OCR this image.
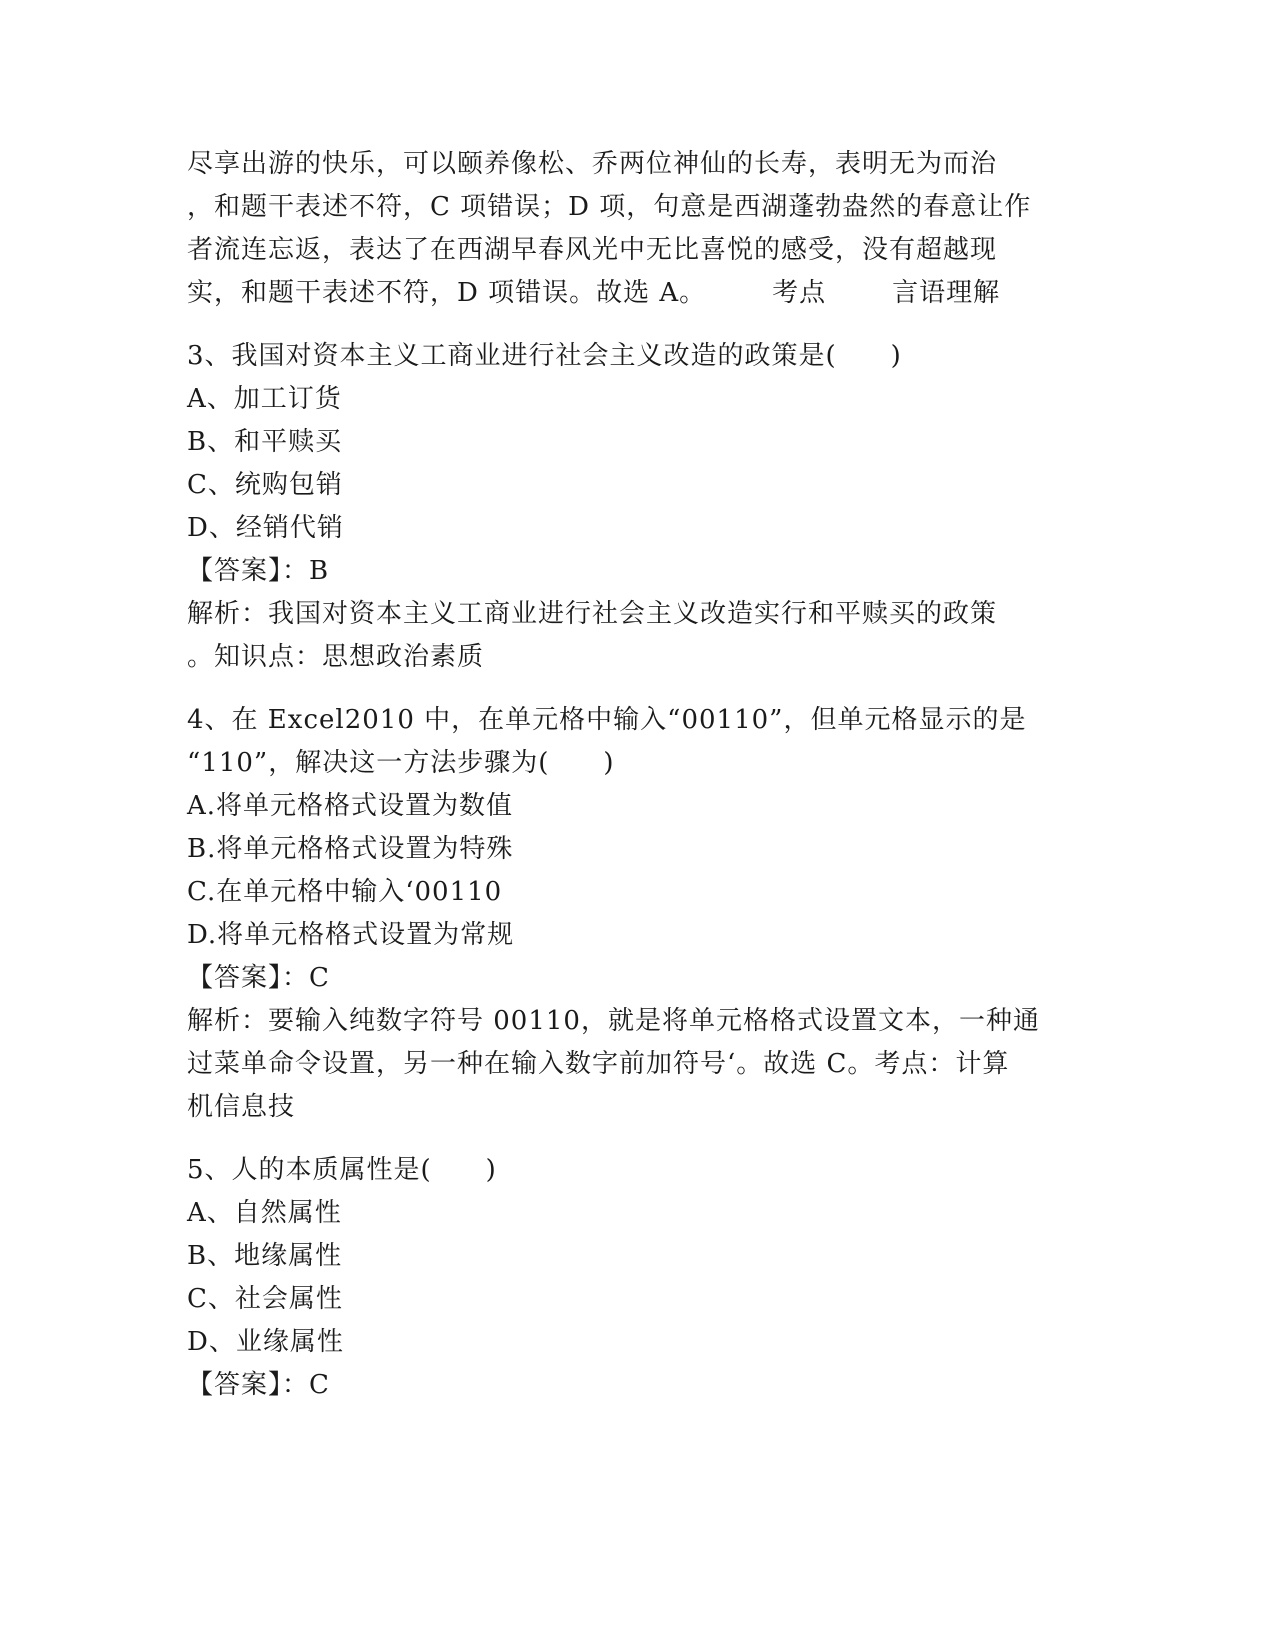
尽享出游的快乐，可以颐养像松、乔两位神仙的长寿，表明无为而治
，和题干表述不符，C 项错误；D 项，句意是西湖蓬勃盎然的春意让作
者流连忘返，表达了在西湖早春风光中无比喜悦的感受，没有超越现
实，和题干表述不符，D 项错误。故选 A。	考点	言语理解
3、我国对资本主义工商业进行社会主义改造的政策是(　　)
A、加工订货
B、和平赎买
C、统购包销
D、经销代销
【答案】：B
解析：我国对资本主义工商业进行社会主义改造实行和平赎买的政策
。知识点：思想政治素质
4、在 Excel2010 中，在单元格中输入“00110”，但单元格显示的是
“110”，解决这一方法步骤为(　　)
A.将单元格格式设置为数值
B.将单元格格式设置为特殊
C.在单元格中输入‘00110
D.将单元格格式设置为常规
【答案】：C
解析：要输入纯数字符号 00110，就是将单元格格式设置文本，一种通
过菜单命令设置，另一种在输入数字前加符号‘。故选 C。考点：计算
机信息技
5、人的本质属性是(　　)
A、自然属性
B、地缘属性
C、社会属性
D、业缘属性
【答案】：C
